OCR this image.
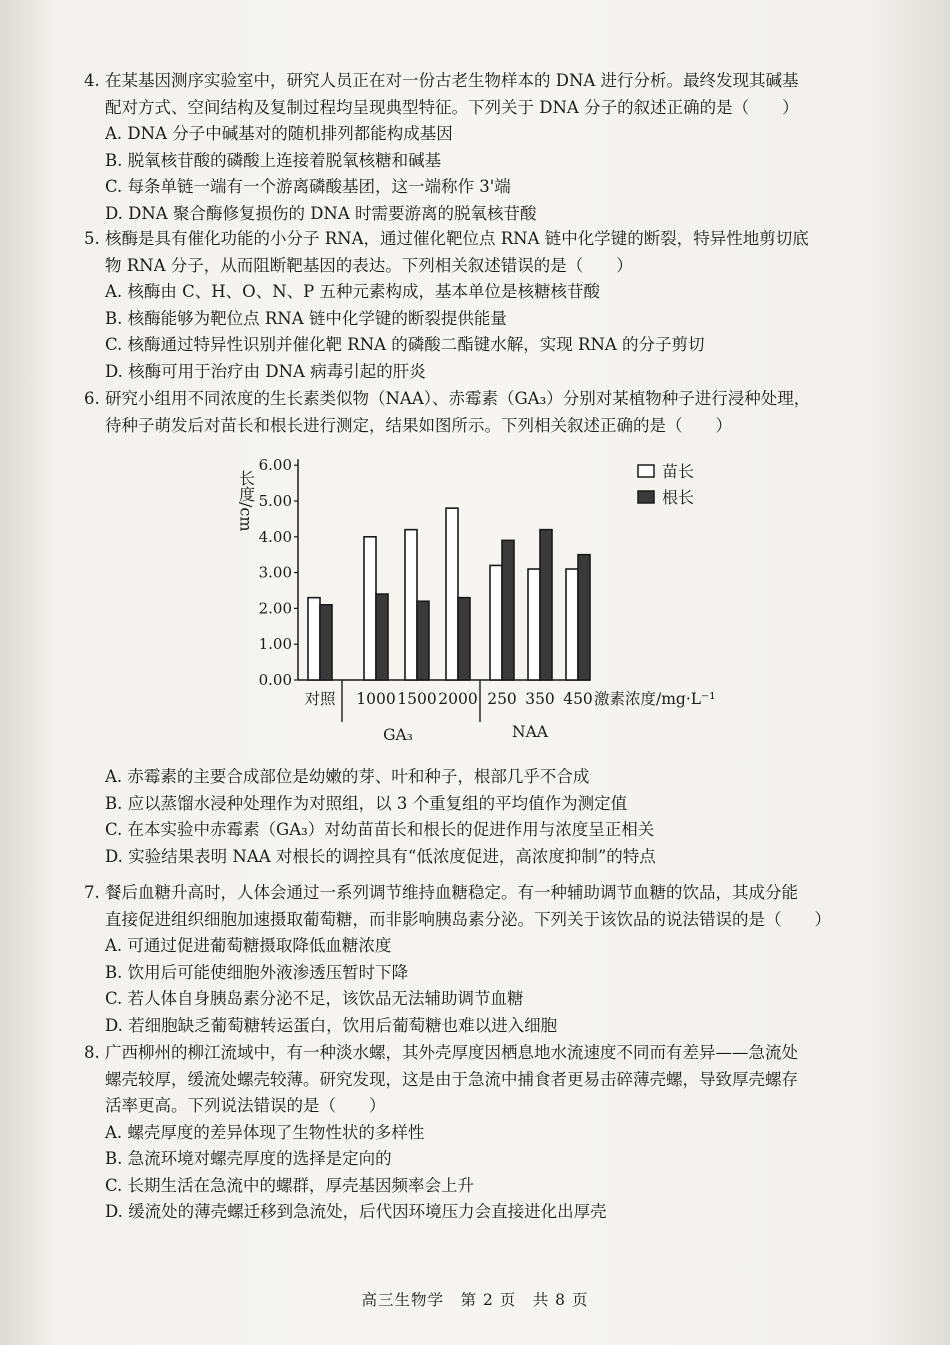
4. 在某基因测序实验室中，研究人员正在对一份古老生物样本的 DNA 进行分析。最终发现其碱基
配对方式、空间结构及复制过程均呈现典型特征。下列关于 DNA 分子的叙述正确的是（　　）
A. DNA 分子中碱基对的随机排列都能构成基因
B. 脱氧核苷酸的磷酸上连接着脱氧核糖和碱基
C. 每条单链一端有一个游离磷酸基团，这一端称作 3'端
D. DNA 聚合酶修复损伤的 DNA 时需要游离的脱氧核苷酸
5. 核酶是具有催化功能的小分子 RNA，通过催化靶位点 RNA 链中化学键的断裂，特异性地剪切底
物 RNA 分子，从而阻断靶基因的表达。下列相关叙述错误的是（　　）
A. 核酶由 C、H、O、N、P 五种元素构成，基本单位是核糖核苷酸
B. 核酶能够为靶位点 RNA 链中化学键的断裂提供能量
C. 核酶通过特异性识别并催化靶 RNA 的磷酸二酯键水解，实现 RNA 的分子剪切
D. 核酶可用于治疗由 DNA 病毒引起的肝炎
6. 研究小组用不同浓度的生长素类似物（NAA）、赤霉素（GA₃）分别对某植物种子进行浸种处理，
待种子萌发后对苗长和根长进行测定，结果如图所示。下列相关叙述正确的是（　　）
0.00
1.00
2.00
3.00
4.00
5.00
6.00
长度/cm
对照 1000 1500 2000 250 350 450
GA₃	NAA
激素浓度/mg·L⁻¹
苗长
根长
A. 赤霉素的主要合成部位是幼嫩的芽、叶和种子，根部几乎不合成
B. 应以蒸馏水浸种处理作为对照组，以 3 个重复组的平均值作为测定值
C. 在本实验中赤霉素（GA₃）对幼苗苗长和根长的促进作用与浓度呈正相关
D. 实验结果表明 NAA 对根长的调控具有“低浓度促进，高浓度抑制”的特点
7. 餐后血糖升高时，人体会通过一系列调节维持血糖稳定。有一种辅助调节血糖的饮品，其成分能
直接促进组织细胞加速摄取葡萄糖，而非影响胰岛素分泌。下列关于该饮品的说法错误的是（　　）
A. 可通过促进葡萄糖摄取降低血糖浓度
B. 饮用后可能使细胞外液渗透压暂时下降
C. 若人体自身胰岛素分泌不足，该饮品无法辅助调节血糖
D. 若细胞缺乏葡萄糖转运蛋白，饮用后葡萄糖也难以进入细胞
8. 广西柳州的柳江流域中，有一种淡水螺，其外壳厚度因栖息地水流速度不同而有差异——急流处
螺壳较厚，缓流处螺壳较薄。研究发现，这是由于急流中捕食者更易击碎薄壳螺，导致厚壳螺存
活率更高。下列说法错误的是（　　）
A. 螺壳厚度的差异体现了生物性状的多样性
B. 急流环境对螺壳厚度的选择是定向的
C. 长期生活在急流中的螺群，厚壳基因频率会上升
D. 缓流处的薄壳螺迁移到急流处，后代因环境压力会直接进化出厚壳
高三生物学　第 2 页　共 8 页
